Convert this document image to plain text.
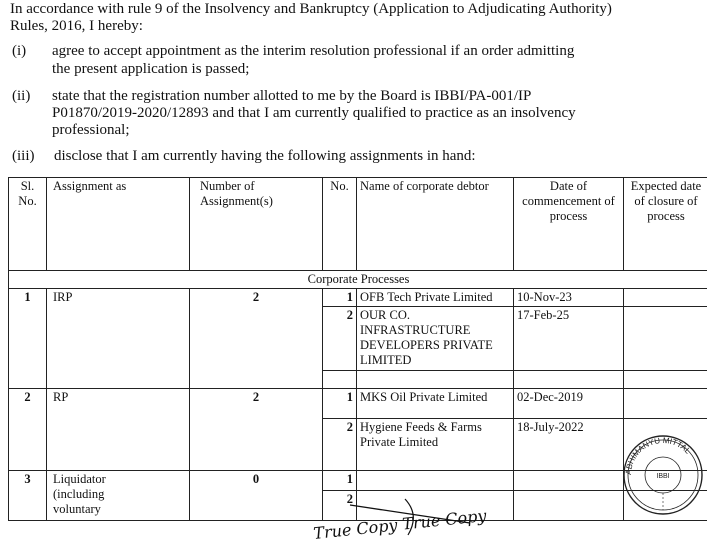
In accordance with rule 9 of the Insolvency and Bankruptcy (Application to Adjudicating Authority)
Rules, 2016, I hereby:
(i) agree to accept appointment as the interim resolution professional if an order admitting
the present application is passed;
(ii) state that the registration number allotted to me by the Board is IBBI/PA-001/IP
P01870/2019-2020/12893 and that I am currently qualified to practice as an insolvency
professional;
(iii) disclose that I am currently having the following assignments in hand:
Sl. No.	Assignment as	Number of Assignment(s)	No.	Name of corporate debtor	Date of commencement of process	Expected date of closure of process
Corporate Processes						
1	IRP	2	1	OFB Tech Private Limited	10-Nov-23	
			2	OUR CO. INFRASTRUCTURE DEVELOPERS PRIVATE LIMITED	17-Feb-25	

2	RP	2	1	MKS Oil Private Limited	02-Dec-2019	
			2	Hygiene Feeds & Farms Private Limited	18-July-2022	
3	Liquidator (including voluntary	0	1			
			2			
ABHIMANYU MITTAL
IBBI
True Copy True Copy
